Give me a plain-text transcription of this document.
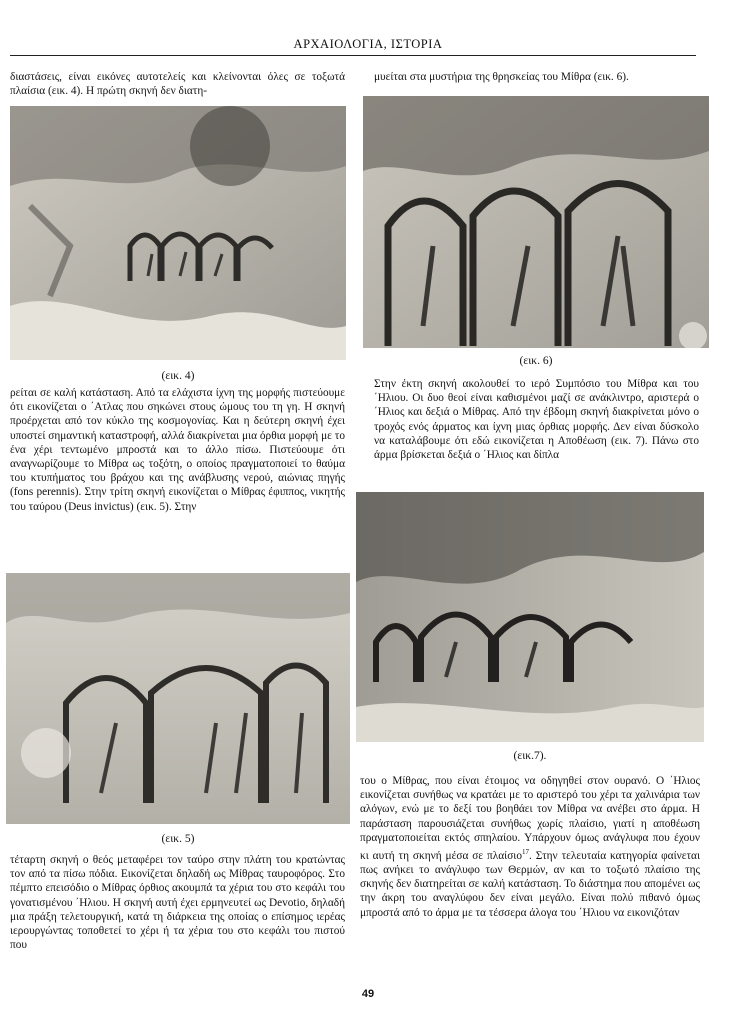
ΑΡΧΑΙΟΛΟΓΙΑ, ΙΣΤΟΡΙΑ

διαστάσεις, είναι εικόνες αυτοτελείς και κλείνονται όλες σε τοξωτά πλαίσια (εικ. 4). Η πρώτη σκηνή δεν διατη-

(εικ. 4)

ρείται σε καλή κατάσταση. Από τα ελάχιστα ίχνη της μορφής πιστεύουμε ότι εικονίζεται ο ΄Ατλας που σηκώνει στους ώμους του τη γη. Η σκηνή προέρχεται από τον κύκλο της κοσμογονίας. Και η δεύτερη σκηνή έχει υποστεί σημαντική καταστροφή, αλλά διακρίνεται μια όρθια μορφή με το ένα χέρι τεντωμένο μπροστά και το άλλο πίσω. Πιστεύουμε ότι αναγνωρίζουμε το Μίθρα ως τοξότη, ο οποίος πραγματοποιεί το θαύμα του κτυπήματος του βράχου και της ανάβλυσης νερού, αιώνιας πηγής (fons perennis). Στην τρίτη σκηνή εικονίζεται ο Μίθρας έφιππος, νικητής του ταύρου (Deus invictus) (εικ. 5). Στην

(εικ. 5)

τέταρτη σκηνή ο θεός μεταφέρει τον ταύρο στην πλάτη του κρατώντας τον από τα πίσω πόδια. Εικονίζεται δηλαδή ως Μίθρας ταυροφόρος. Στο πέμπτο επεισόδιο ο Μίθρας όρθιος ακουμπά τα χέρια του στο κεφάλι του γονατισμένου ΄Ηλιου. Η σκηνή αυτή έχει ερμηνευτεί ως Devotio, δηλαδή μια πράξη τελετουργική, κατά τη διάρκεια της οποίας ο επίσημος ιερέας ιερουργώντας τοποθετεί το χέρι ή τα χέρια του στο κεφάλι του πιστού που

μυείται στα μυστήρια της θρησκείας του Μίθρα (εικ. 6).

(εικ. 6)

Στην έκτη σκηνή ακολουθεί το ιερό Συμπόσιο του Μίθρα και του ΄Ηλιου. Οι δυο θεοί είναι καθισμένοι μαζί σε ανάκλιντρο, αριστερά ο ΄Ηλιος και δεξιά ο Μίθρας. Από την έβδομη σκηνή διακρίνεται μόνο ο τροχός ενός άρματος και ίχνη μιας όρθιας μορφής. Δεν είναι δύσκολο να καταλάβουμε ότι εδώ εικονίζεται η Αποθέωση (εικ. 7). Πάνω στο άρμα βρίσκεται δεξιά ο ΄Ηλιος και δίπλα

(εικ.7).

του ο Μίθρας, που είναι έτοιμος να οδηγηθεί στον ουρανό. Ο ΄Ηλιος εικονίζεται συνήθως να κρατάει με το αριστερό του χέρι τα χαλινάρια των αλόγων, ενώ με το δεξί του βοηθάει τον Μίθρα να ανέβει στο άρμα. Η παράσταση παρουσιάζεται συνήθως χωρίς πλαίσιο, γιατί η αποθέωση πραγματοποιείται εκτός σπηλαίου. Υπάρχουν όμως ανάγλυφα που έχουν κι αυτή τη σκηνή μέσα σε πλαίσιο$^{17}$. Στην τελευταία κατηγορία φαίνεται πως ανήκει το ανάγλυφο των Θερμών, αν και το τοξωτό πλαίσιο της σκηνής δεν διατηρείται σε καλή κατάσταση. Το διάστημα που απομένει ως την άκρη του αναγλύφου δεν είναι μεγάλο. Είναι πολύ πιθανό όμως μπροστά από το άρμα με τα τέσσερα άλογα του ΄Ηλιου να εικονιζόταν

49
